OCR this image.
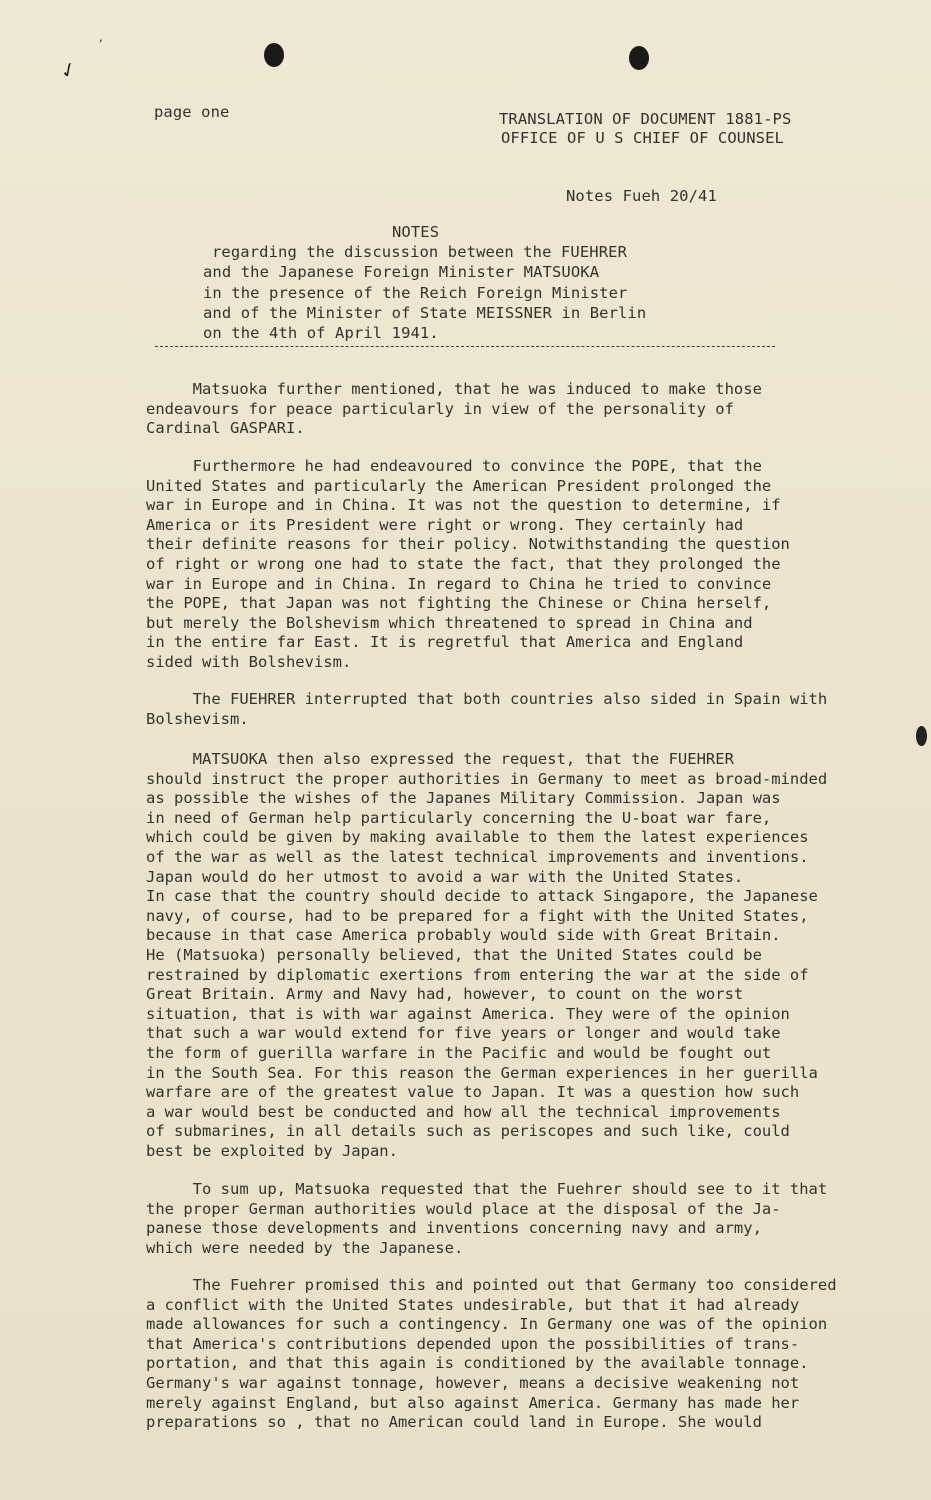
✓
,
page one	TRANSLATION OF DOCUMENT 1881-PS
OFFICE OF U S CHIEF OF COUNSEL
Notes Fueh 20/41
NOTES
regarding the discussion between the FUEHRER
and the Japanese Foreign Minister MATSUOKA
in the presence of the Reich Foreign Minister
and of the Minister of State MEISSNER in Berlin
on the 4th of April 1941.
Matsuoka further mentioned, that he was induced to make those
endeavours for peace particularly in view of the personality of
Cardinal GASPARI.
Furthermore he had endeavoured to convince the POPE, that the
United States and particularly the American President prolonged the
war in Europe and in China. It was not the question to determine, if
America or its President were right or wrong. They certainly had
their definite reasons for their policy. Notwithstanding the question
of right or wrong one had to state the fact, that they prolonged the
war in Europe and in China. In regard to China he tried to convince
the POPE, that Japan was not fighting the Chinese or China herself,
but merely the Bolshevism which threatened to spread in China and
in the entire far East. It is regretful that America and England
sided with Bolshevism.
The FUEHRER interrupted that both countries also sided in Spain with
Bolshevism.
MATSUOKA then also expressed the request, that the FUEHRER
should instruct the proper authorities in Germany to meet as broad-minded
as possible the wishes of the Japanes Military Commission. Japan was
in need of German help particularly concerning the U-boat war fare,
which could be given by making available to them the latest experiences
of the war as well as the latest technical improvements and inventions.
Japan would do her utmost to avoid a war with the United States.
In case that the country should decide to attack Singapore, the Japanese
navy, of course, had to be prepared for a fight with the United States,
because in that case America probably would side with Great Britain.
He (Matsuoka) personally believed, that the United States could be
restrained by diplomatic exertions from entering the war at the side of
Great Britain. Army and Navy had, however, to count on the worst
situation, that is with war against America. They were of the opinion
that such a war would extend for five years or longer and would take
the form of guerilla warfare in the Pacific and would be fought out
in the South Sea. For this reason the German experiences in her guerilla
warfare are of the greatest value to Japan. It was a question how such
a war would best be conducted and how all the technical improvements
of submarines, in all details such as periscopes and such like, could
best be exploited by Japan.
To sum up, Matsuoka requested that the Fuehrer should see to it that
the proper German authorities would place at the disposal of the Ja-
panese those developments and inventions concerning navy and army,
which were needed by the Japanese.
The Fuehrer promised this and pointed out that Germany too considered
a conflict with the United States undesirable, but that it had already
made allowances for such a contingency. In Germany one was of the opinion
that America's contributions depended upon the possibilities of trans-
portation, and that this again is conditioned by the available tonnage.
Germany's war against tonnage, however, means a decisive weakening not
merely against England, but also against America. Germany has made her
preparations so , that no American could land in Europe. She would
